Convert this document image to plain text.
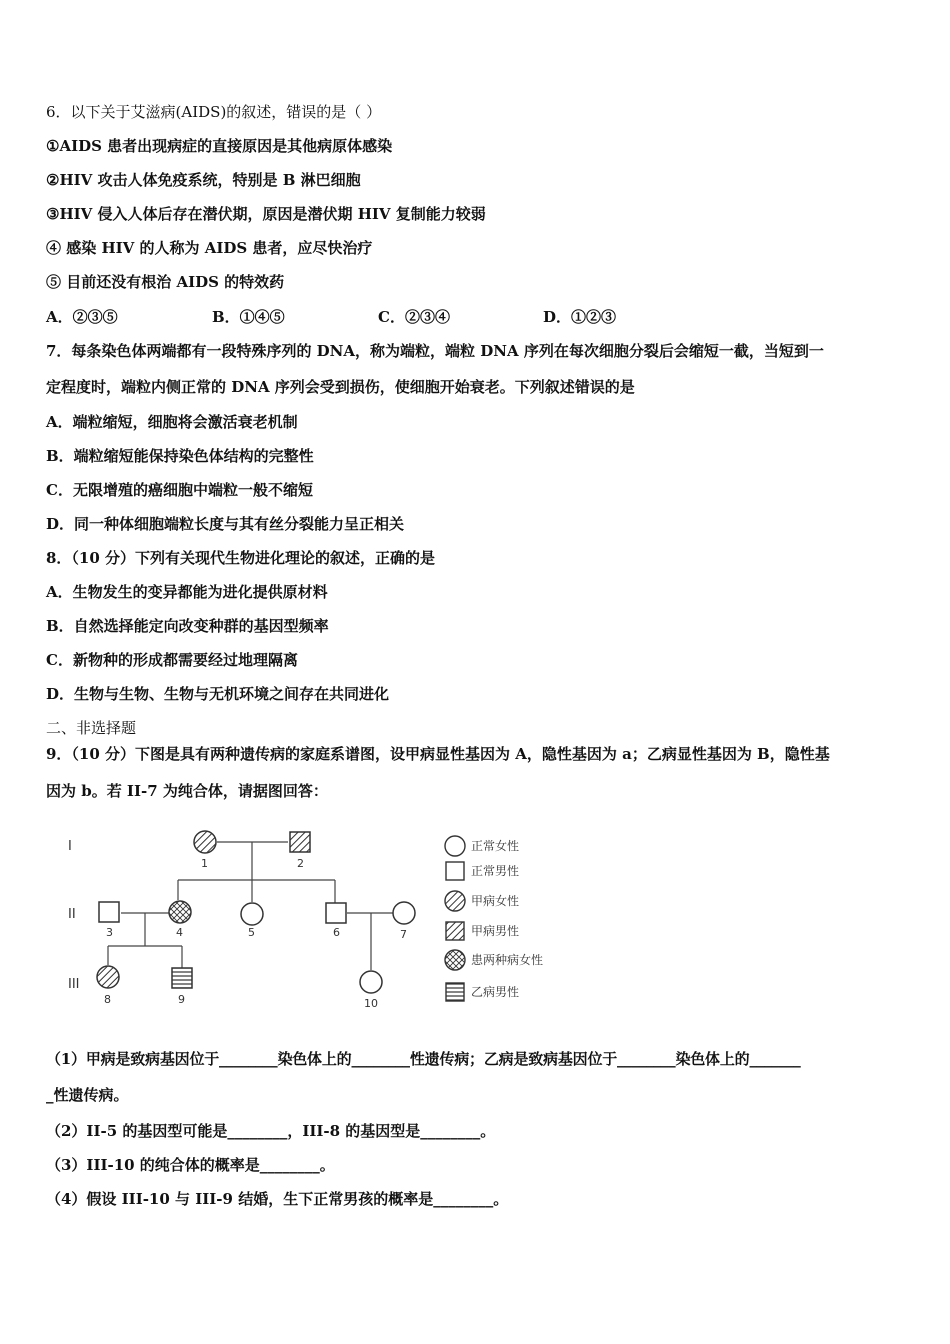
6．以下关于艾滋病(AIDS)的叙述，错误的是（ ）
①AIDS 患者出现病症的直接原因是其他病原体感染
②HIV 攻击人体免疫系统，特别是 B 淋巴细胞
③HIV 侵入人体后存在潜伏期，原因是潜伏期 HIV 复制能力较弱
④ 感染 HIV 的人称为 AIDS 患者，应尽快治疗
⑤ 目前还没有根治 AIDS 的特效药
A．②③⑤	B．①④⑤	C．②③④	D．①②③
7．每条染色体两端都有一段特殊序列的 DNA，称为端粒，端粒 DNA 序列在每次细胞分裂后会缩短一截，当短到一
定程度时，端粒内侧正常的 DNA 序列会受到损伤，使细胞开始衰老。下列叙述错误的是
A．端粒缩短，细胞将会激活衰老机制
B．端粒缩短能保持染色体结构的完整性
C．无限增殖的癌细胞中端粒一般不缩短
D．同一种体细胞端粒长度与其有丝分裂能力呈正相关
8．（10 分）下列有关现代生物进化理论的叙述，正确的是
A．生物发生的变异都能为进化提供原材料
B．自然选择能定向改变种群的基因型频率
C．新物种的形成都需要经过地理隔离
D．生物与生物、生物与无机环境之间存在共同进化
二、非选择题
9．（10 分）下图是具有两种遗传病的家庭系谱图，设甲病显性基因为 A，隐性基因为 a；乙病显性基因为 B，隐性基
因为 b。若 II-7 为纯合体，请据图回答：
I
II
III
1	2
3	4	5	6	7
8	9	10
正常女性
正常男性
甲病女性
甲病男性
患两种病女性
乙病男性
（1）甲病是致病基因位于________染色体上的________性遗传病；乙病是致病基因位于________染色体上的_______
_性遗传病。
（2）II-5 的基因型可能是________，III-8 的基因型是________。
（3）III-10 的纯合体的概率是________。
（4）假设 III-10 与 III-9 结婚，生下正常男孩的概率是________。
